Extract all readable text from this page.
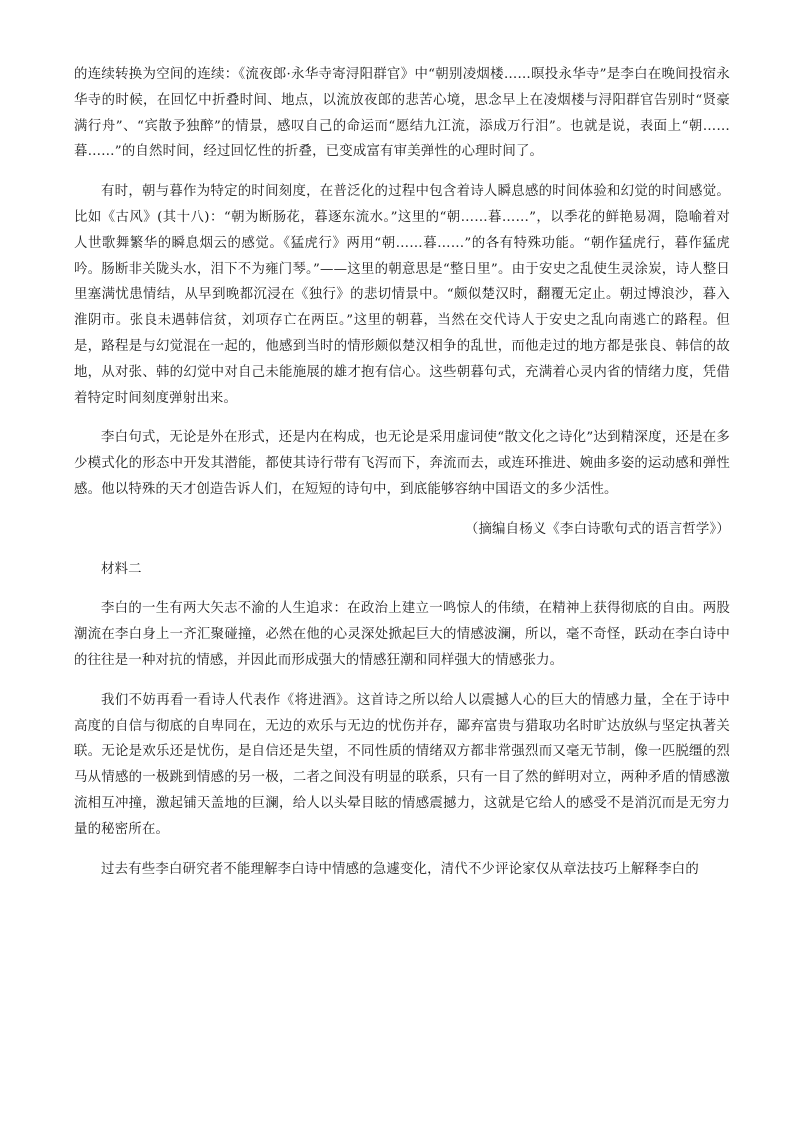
的连续转换为空间的连续：《流夜郎·永华寺寄浔阳群官》中“朝别凌烟楼……暝投永华寺”是李白在晚间投宿永华寺的时候，在回忆中折叠时间、地点，以流放夜郎的悲苦心境，思念早上在凌烟楼与浔阳群官告别时“贤豪满行舟”、“宾散予独醉”的情景，感叹自己的命运而“愿结九江流，添成万行泪”。也就是说，表面上“朝……暮……”的自然时间，经过回忆性的折叠，已变成富有审美弹性的心理时间了。

有时，朝与暮作为特定的时间刻度，在普泛化的过程中包含着诗人瞬息感的时间体验和幻觉的时间感觉。比如《古风》(其十八)：“朝为断肠花，暮逐东流水。”这里的“朝……暮……”，以季花的鲜艳易凋，隐喻着对人世歌舞繁华的瞬息烟云的感觉。《猛虎行》两用“朝……暮……”的各有特殊功能。“朝作猛虎行，暮作猛虎吟。肠断非关陇头水，泪下不为雍门琴。”——这里的朝意思是“整日里”。由于安史之乱使生灵涂炭，诗人整日里塞满忧患情结，从早到晚都沉浸在《独行》的悲切情景中。“颇似楚汉时，翻覆无定止。朝过博浪沙，暮入淮阴市。张良未遇韩信贫，刘项存亡在两臣。”这里的朝暮，当然在交代诗人于安史之乱向南逃亡的路程。但是，路程是与幻觉混在一起的，他感到当时的情形颇似楚汉相争的乱世，而他走过的地方都是张良、韩信的故地，从对张、韩的幻觉中对自己未能施展的雄才抱有信心。这些朝暮句式，充满着心灵内省的情绪力度，凭借着特定时间刻度弹射出来。

李白句式，无论是外在形式，还是内在构成，也无论是采用虚词使“散文化之诗化”达到精深度，还是在多少模式化的形态中开发其潜能，都使其诗行带有飞泻而下，奔流而去，或连环推进、婉曲多姿的运动感和弹性感。他以特殊的天才创造告诉人们，在短短的诗句中，到底能够容纳中国语文的多少活性。

（摘编自杨义《李白诗歌句式的语言哲学》）

材料二

李白的一生有两大矢志不渝的人生追求：在政治上建立一鸣惊人的伟绩，在精神上获得彻底的自由。两股潮流在李白身上一齐汇聚碰撞，必然在他的心灵深处掀起巨大的情感波澜，所以，毫不奇怪，跃动在李白诗中的往往是一种对抗的情感，并因此而形成强大的情感狂潮和同样强大的情感张力。

我们不妨再看一看诗人代表作《将进酒》。这首诗之所以给人以震撼人心的巨大的情感力量，全在于诗中高度的自信与彻底的自卑同在，无边的欢乐与无边的忧伤并存，鄙弃富贵与猎取功名时旷达放纵与坚定执著关联。无论是欢乐还是忧伤，是自信还是失望，不同性质的情绪双方都非常强烈而又毫无节制，像一匹脱缰的烈马从情感的一极跳到情感的另一极，二者之间没有明显的联系，只有一目了然的鲜明对立，两种矛盾的情感激流相互冲撞，激起铺天盖地的巨澜，给人以头晕目眩的情感震撼力，这就是它给人的感受不是消沉而是无穷力量的秘密所在。

过去有些李白研究者不能理解李白诗中情感的急遽变化，清代不少评论家仅从章法技巧上解释李白的
